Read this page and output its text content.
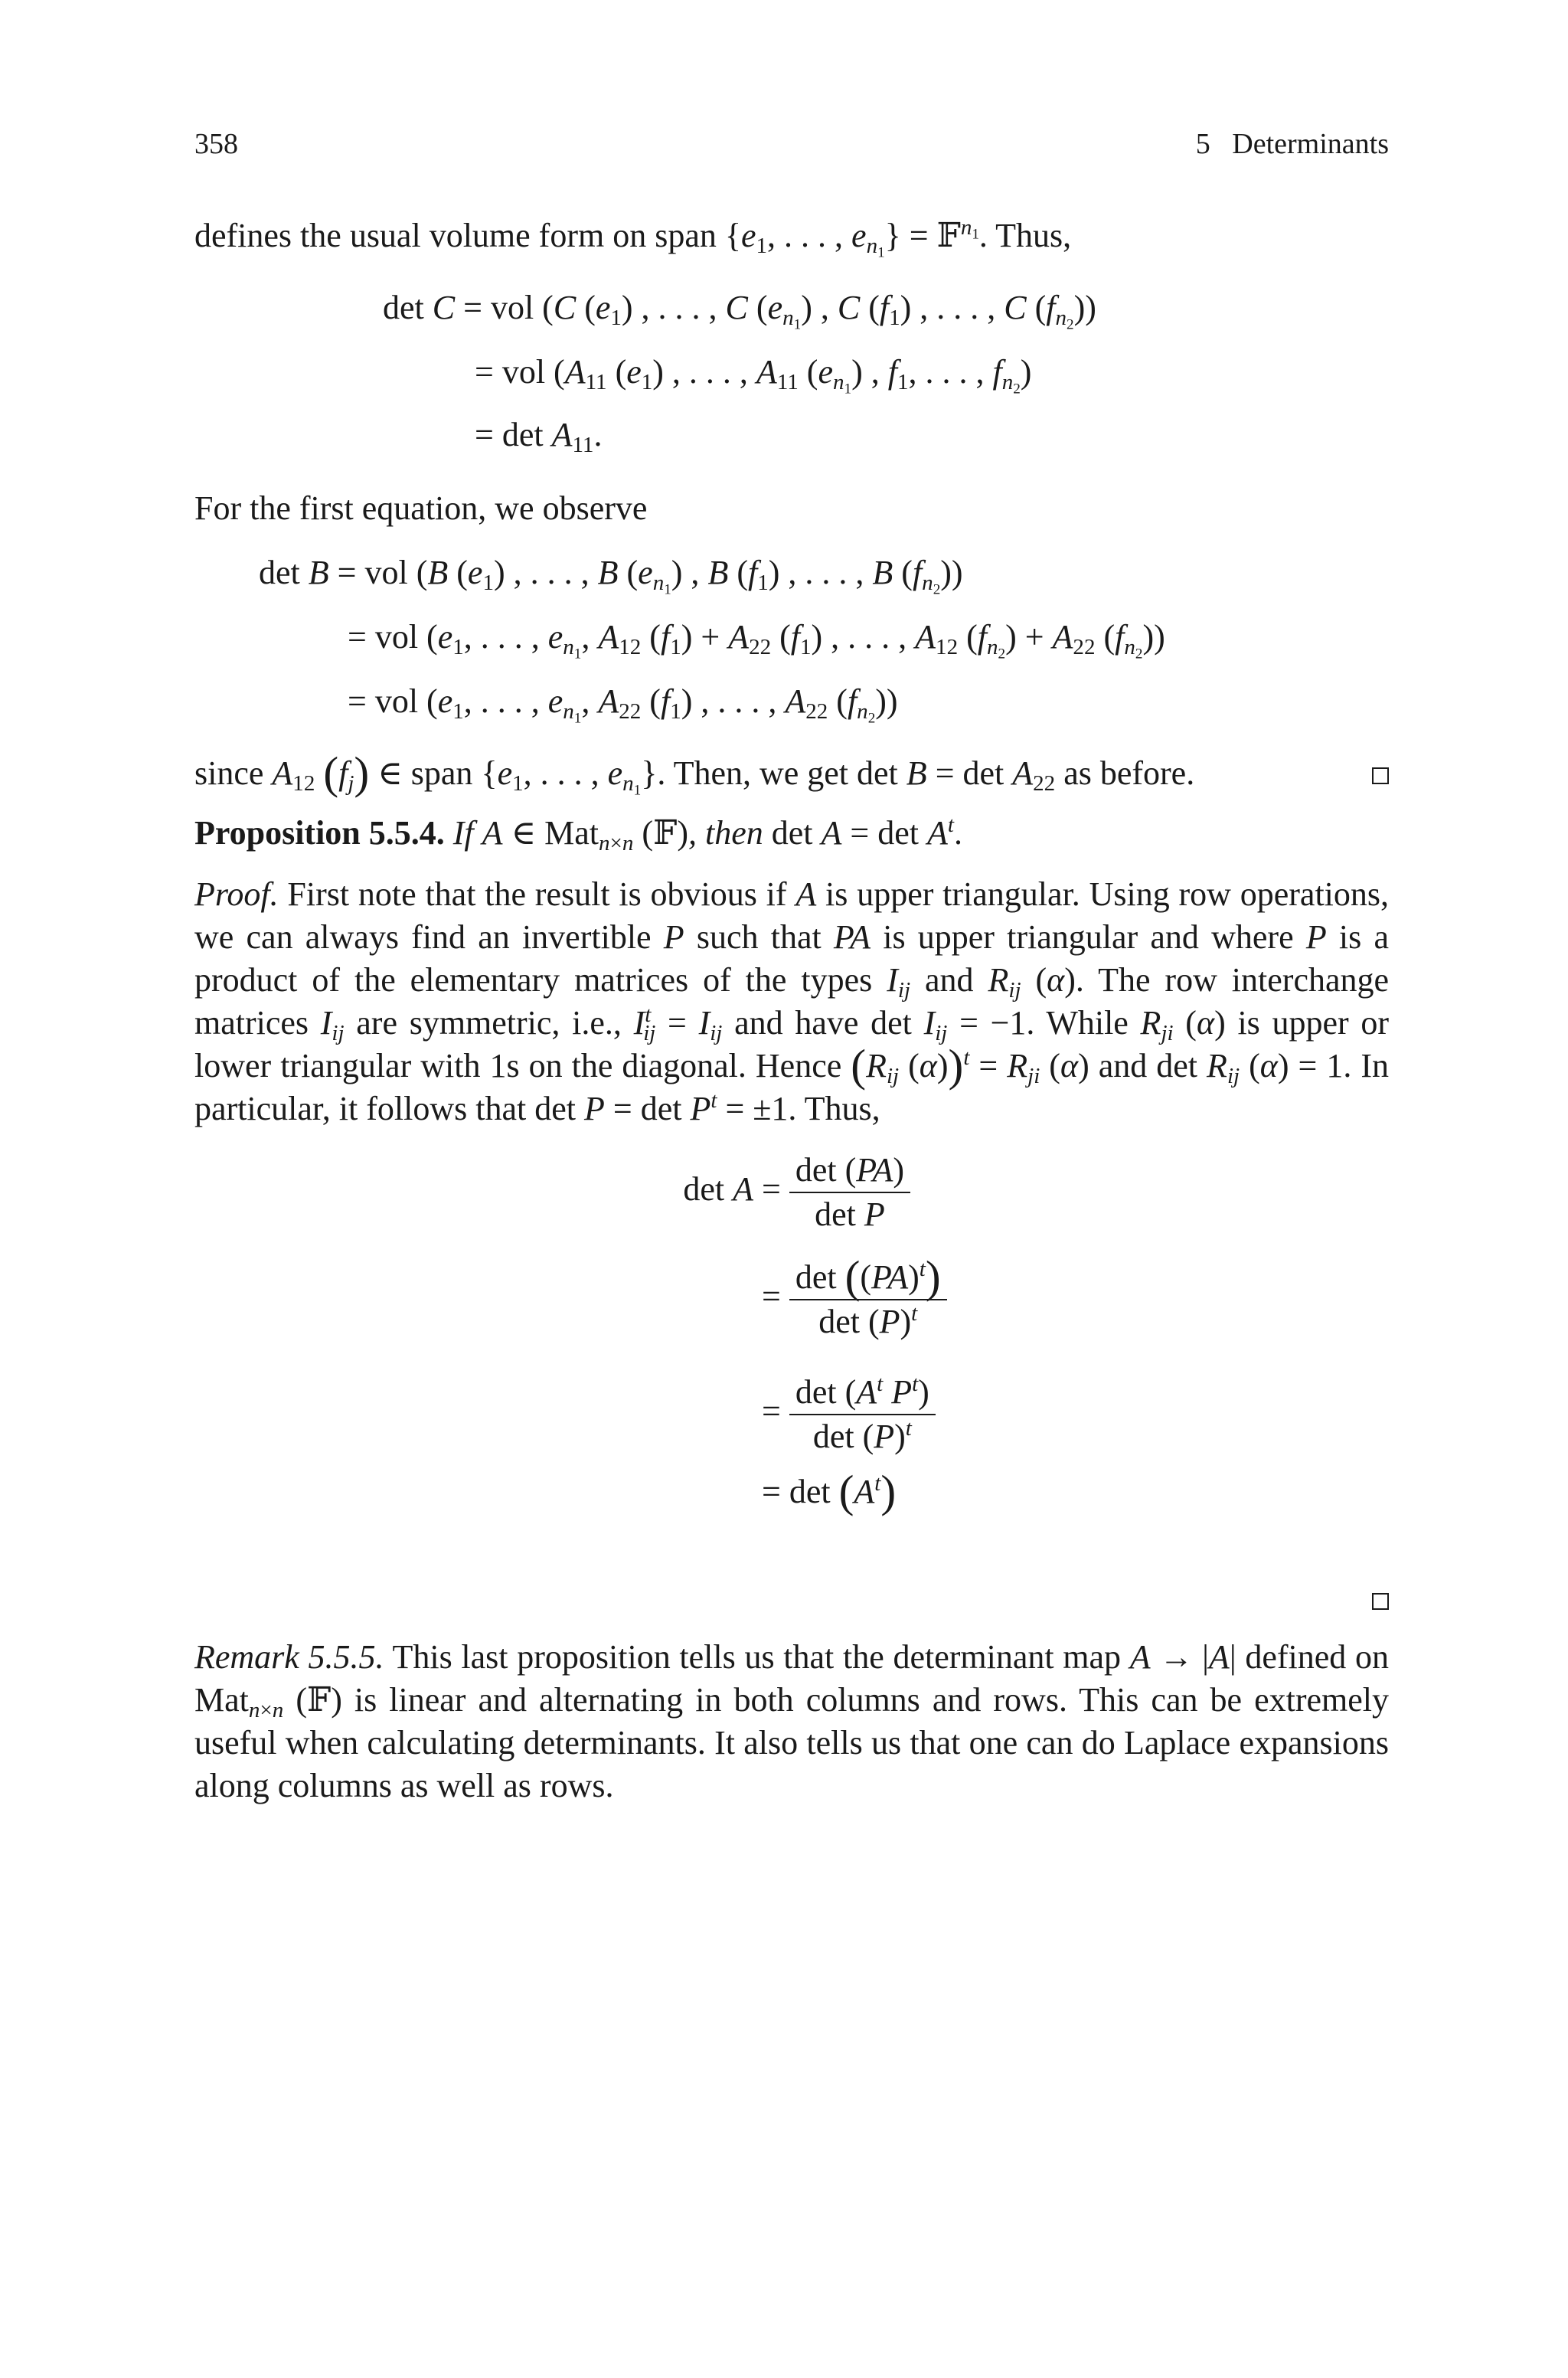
358	5   Determinants

defines the usual volume form on span {$e_1$, . . . , $e_{n_1}$} = 𝔽$^{n_1}$. Thus,

det C = vol (C $(e_1)$ , . . . , C $(e_{n_1})$ , C $(f_1)$ , . . . , C $(f_{n_2})$)
= vol ($A_{11}$ $(e_1)$ , . . . , $A_{11}$ $(e_{n_1})$ , $f_1$, . . . , $f_{n_2}$)
= $\det A_{11}$.

For the first equation, we observe

det B = vol (B $(e_1)$ , . . . , B $(e_{n_1})$ , B $(f_1)$ , . . . , B $(f_{n_2})$)
= vol ($e_1$, . . . , $e_{n_1}$, $A_{12}$ $(f_1) + A_{22}$ $(f_1)$ , . . . , $A_{12}$ $(f_{n_2}) + A_{22}$ $(f_{n_2})$)
= vol ($e_1$, . . . , $e_{n_1}$, $A_{22}$ $(f_1)$ , . . . , $A_{22}$ $(f_{n_2})$)

since $A_{12}$ $(f_j)$ ∈ span {$e_1$, . . . , $e_{n_1}$}. Then, we get $\det B = \det A_{22}$ as before.

Proposition 5.5.4. If A ∈ Mat$_{n\times n}$ (𝔽), then $\det A = \det A^t$.

Proof. First note that the result is obvious if A is upper triangular. Using row operations, we can always find an invertible P such that PA is upper triangular and where P is a product of the elementary matrices of the types $I_{ij}$ and $R_{ij}$ (α). The row interchange matrices $I_{ij}$ are symmetric, i.e., $I^t_{ij} = I_{ij}$ and have $\det I_{ij} = -1$. While $R_{ji}$ (α) is upper or lower triangular with 1s on the diagonal. Hence ($R_{ij}$ $(\alpha))^t = R_{ji}$ (α) and $\det R_{ij}$ (α) = 1. In particular, it follows that $\det P = \det P^t = \pm 1$. Thus,

$\det A = \frac{\det (PA)}{\text{det P}}$
= $\frac{\det ((PA)^t)}{\det (P)^t}$
= $\frac{\det (A^t P^t)}{\det (P)^t}$
= $\det (A^t)$

Remark 5.5.5. This last proposition tells us that the determinant map A → |A| defined on Mat$_{n\times n}$ (𝔽) is linear and alternating in both columns and rows. This can be extremely useful when calculating determinants. It also tells us that one can do Laplace expansions along columns as well as rows.
